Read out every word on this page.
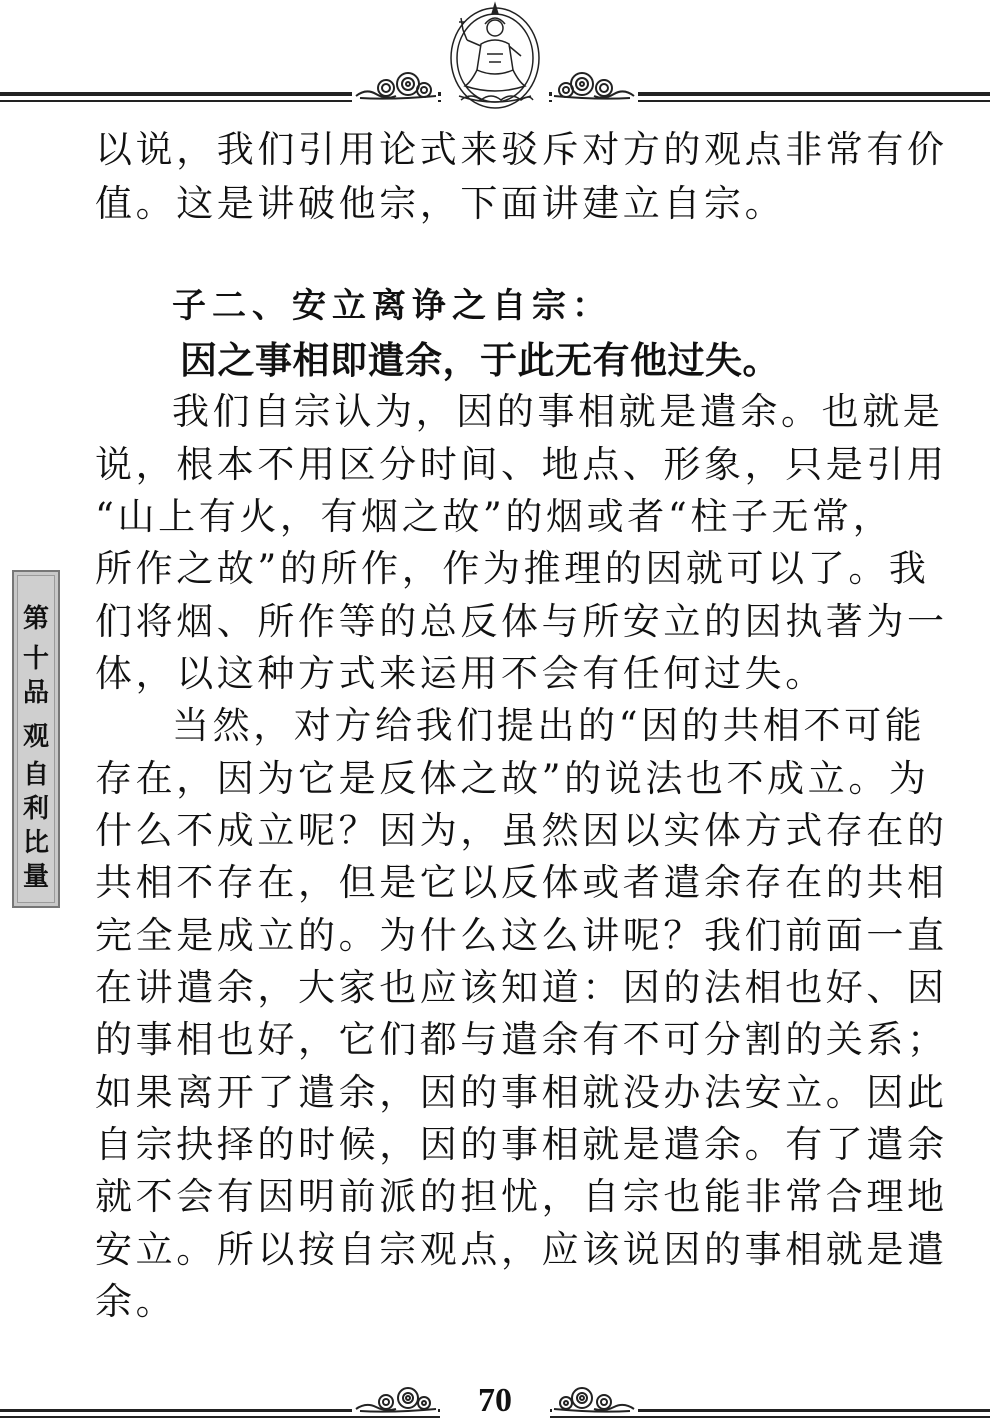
第
十
品
观
自
利
比
量
以说，我们引用论式来驳斥对方的观点非常有价
值。这是讲破他宗，下面讲建立自宗。
子二、安立离诤之自宗：
因之事相即遣余，于此无有他过失。
我们自宗认为，因的事相就是遣余。也就是
说，根本不用区分时间、地点、形象，只是引用
“山上有火，有烟之故”的烟或者“柱子无常，
所作之故”的所作，作为推理的因就可以了。我
们将烟、所作等的总反体与所安立的因执著为一
体，以这种方式来运用不会有任何过失。
当然，对方给我们提出的“因的共相不可能
存在，因为它是反体之故”的说法也不成立。为
什么不成立呢？因为，虽然因以实体方式存在的
共相不存在，但是它以反体或者遣余存在的共相
完全是成立的。为什么这么讲呢？我们前面一直
在讲遣余，大家也应该知道：因的法相也好、因
的事相也好，它们都与遣余有不可分割的关系；
如果离开了遣余，因的事相就没办法安立。因此
自宗抉择的时候，因的事相就是遣余。有了遣余
就不会有因明前派的担忧，自宗也能非常合理地
安立。所以按自宗观点，应该说因的事相就是遣
余。
70
